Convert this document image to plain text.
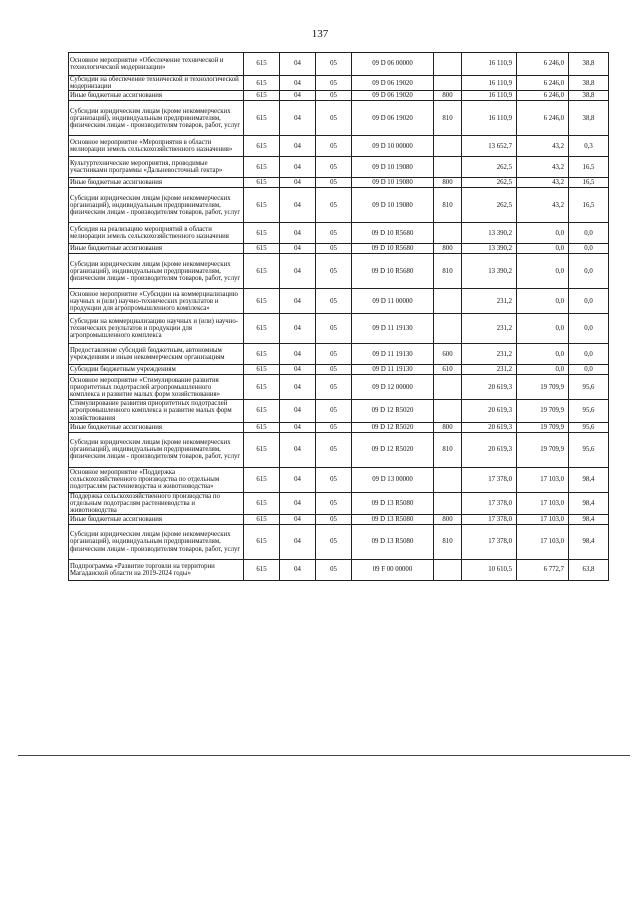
137
Основное мероприятие «Обеспечение технической и технологической модернизации»	615	04	05	09 D 06 00000		16 110,9	6 246,0	38,8
Субсидии на обеспечение технической и технологической модернизации	615	04	05	09 D 06 19020		16 110,9	6 246,0	38,8
Иные бюджетные ассигнования	615	04	05	09 D 06 19020	800	16 110,9	6 246,0	38,8
Субсидии юридическим лицам (кроме некоммерческих организаций), индивидуальным предпринимателям, физическим лицам - производителям товаров, работ, услуг	615	04	05	09 D 06 19020	810	16 110,9	6 246,0	38,8
Основное мероприятие «Мероприятия в области мелиорации земель сельскохозяйственного назначения»	615	04	05	09 D 10 00000		13 652,7	43,2	0,3
Культуртехнические мероприятия, проводимые участниками программы «Дальневосточный гектар»	615	04	05	09 D 10 19080		262,5	43,2	16,5
Иные бюджетные ассигнования	615	04	05	09 D 10 19080	800	262,5	43,2	16,5
Субсидии юридическим лицам (кроме некоммерческих организаций), индивидуальным предпринимателям, физическим лицам - производителям товаров, работ, услуг	615	04	05	09 D 10 19080	810	262,5	43,2	16,5
Субсидия на реализацию мероприятий в области мелиорации земель сельскохозяйственного назначения	615	04	05	09 D 10 R5680		13 390,2	0,0	0,0
Иные бюджетные ассигнования	615	04	05	09 D 10 R5680	800	13 390,2	0,0	0,0
Субсидии юридическим лицам (кроме некоммерческих организаций), индивидуальным предпринимателям, физическим лицам - производителям товаров, работ, услуг	615	04	05	09 D 10 R5680	810	13 390,2	0,0	0,0
Основное мероприятие «Субсидии на коммерциализацию научных и (или) научно-технических результатов и продукции для агропромышленного комплекса»	615	04	05	09 D 11 00000		231,2	0,0	0,0
Субсидии на коммерциализацию научных и (или) научно-технических результатов и продукции для агропромышленного комплекса	615	04	05	09 D 11 19130		231,2	0,0	0,0
Предоставление субсидий бюджетным, автономным учреждениям и иным некоммерческим организациям	615	04	05	09 D 11 19130	600	231,2	0,0	0,0
Субсидии бюджетным учреждениям	615	04	05	09 D 11 19130	610	231,2	0,0	0,0
Основное мероприятие «Стимулирование развития приоритетных подотраслей агропромышленного комплекса и развитие малых форм хозяйствования»	615	04	05	09 D 12 00000		20 619,3	19 709,9	95,6
Стимулирование развития приоритетных подотраслей агропромышленного комплекса и развитие малых форм хозяйствования	615	04	05	09 D 12 R5020		20 619,3	19 709,9	95,6
Иные бюджетные ассигнования	615	04	05	09 D 12 R5020	800	20 619,3	19 709,9	95,6
Субсидии юридическим лицам (кроме некоммерческих организаций), индивидуальным предпринимателям, физическим лицам - производителям товаров, работ, услуг	615	04	05	09 D 12 R5020	810	20 619,3	19 709,9	95,6
Основное мероприятие «Поддержка сельскохозяйственного производства по отдельным подотраслям растениеводства и животноводства»	615	04	05	09 D 13 00000		17 378,0	17 103,0	98,4
Поддержка сельскохозяйственного производства по отдельным подотраслям растениеводства и животноводства	615	04	05	09 D 13 R5080		17 378,0	17 103,0	98,4
Иные бюджетные ассигнования	615	04	05	09 D 13 R5080	800	17 378,0	17 103,0	98,4
Субсидии юридическим лицам (кроме некоммерческих организаций), индивидуальным предпринимателям, физическим лицам - производителям товаров, работ, услуг	615	04	05	09 D 13 R5080	810	17 378,0	17 103,0	98,4
Подпрограмма «Развитие торговли на территории Магаданской области на 2019-2024 годы»	615	04	05	09 F 00 00000		10 610,5	6 772,7	63,8
